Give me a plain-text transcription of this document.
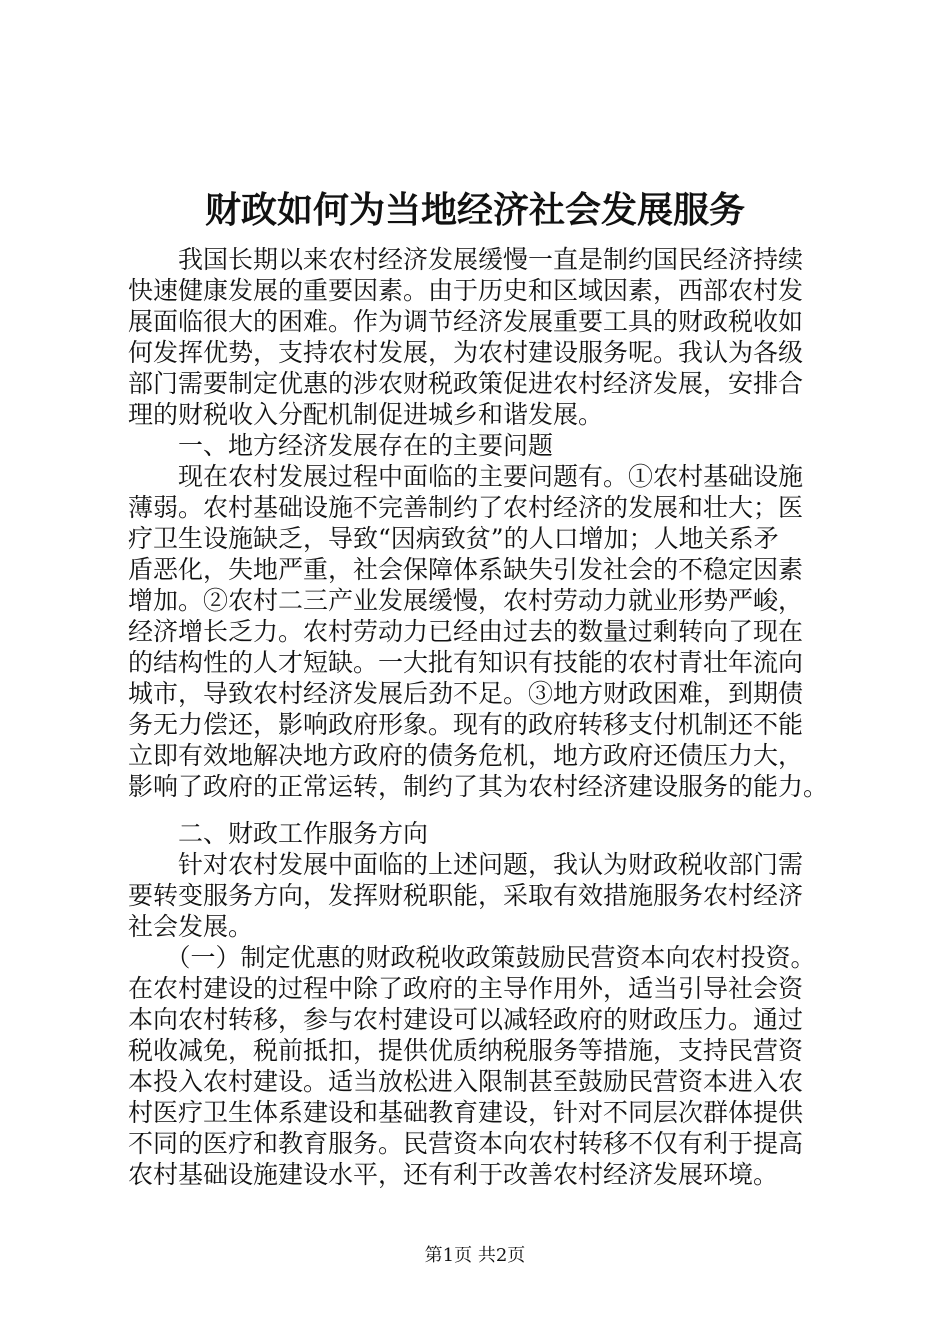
财政如何为当地经济社会发展服务
　　我国长期以来农村经济发展缓慢一直是制约国民经济持续
快速健康发展的重要因素。由于历史和区域因素，西部农村发
展面临很大的困难。作为调节经济发展重要工具的财政税收如
何发挥优势，支持农村发展，为农村建设服务呢。我认为各级
部门需要制定优惠的涉农财税政策促进农村经济发展，安排合
理的财税收入分配机制促进城乡和谐发展。
　　一、地方经济发展存在的主要问题
　　现在农村发展过程中面临的主要问题有。①农村基础设施
薄弱。农村基础设施不完善制约了农村经济的发展和壮大；医
疗卫生设施缺乏，导致“因病致贫”的人口增加；人地关系矛
盾恶化，失地严重，社会保障体系缺失引发社会的不稳定因素
增加。②农村二三产业发展缓慢，农村劳动力就业形势严峻，
经济增长乏力。农村劳动力已经由过去的数量过剩转向了现在
的结构性的人才短缺。一大批有知识有技能的农村青壮年流向
城市，导致农村经济发展后劲不足。③地方财政困难，到期债
务无力偿还，影响政府形象。现有的政府转移支付机制还不能
立即有效地解决地方政府的债务危机，地方政府还债压力大，
影响了政府的正常运转，制约了其为农村经济建设服务的能力。
　　二、财政工作服务方向
　　针对农村发展中面临的上述问题，我认为财政税收部门需
要转变服务方向，发挥财税职能，采取有效措施服务农村经济
社会发展。
　　（一）制定优惠的财政税收政策鼓励民营资本向农村投资。
在农村建设的过程中除了政府的主导作用外，适当引导社会资
本向农村转移，参与农村建设可以减轻政府的财政压力。通过
税收减免，税前抵扣，提供优质纳税服务等措施，支持民营资
本投入农村建设。适当放松进入限制甚至鼓励民营资本进入农
村医疗卫生体系建设和基础教育建设，针对不同层次群体提供
不同的医疗和教育服务。民营资本向农村转移不仅有利于提高
农村基础设施建设水平，还有利于改善农村经济发展环境。
第1页 共2页
